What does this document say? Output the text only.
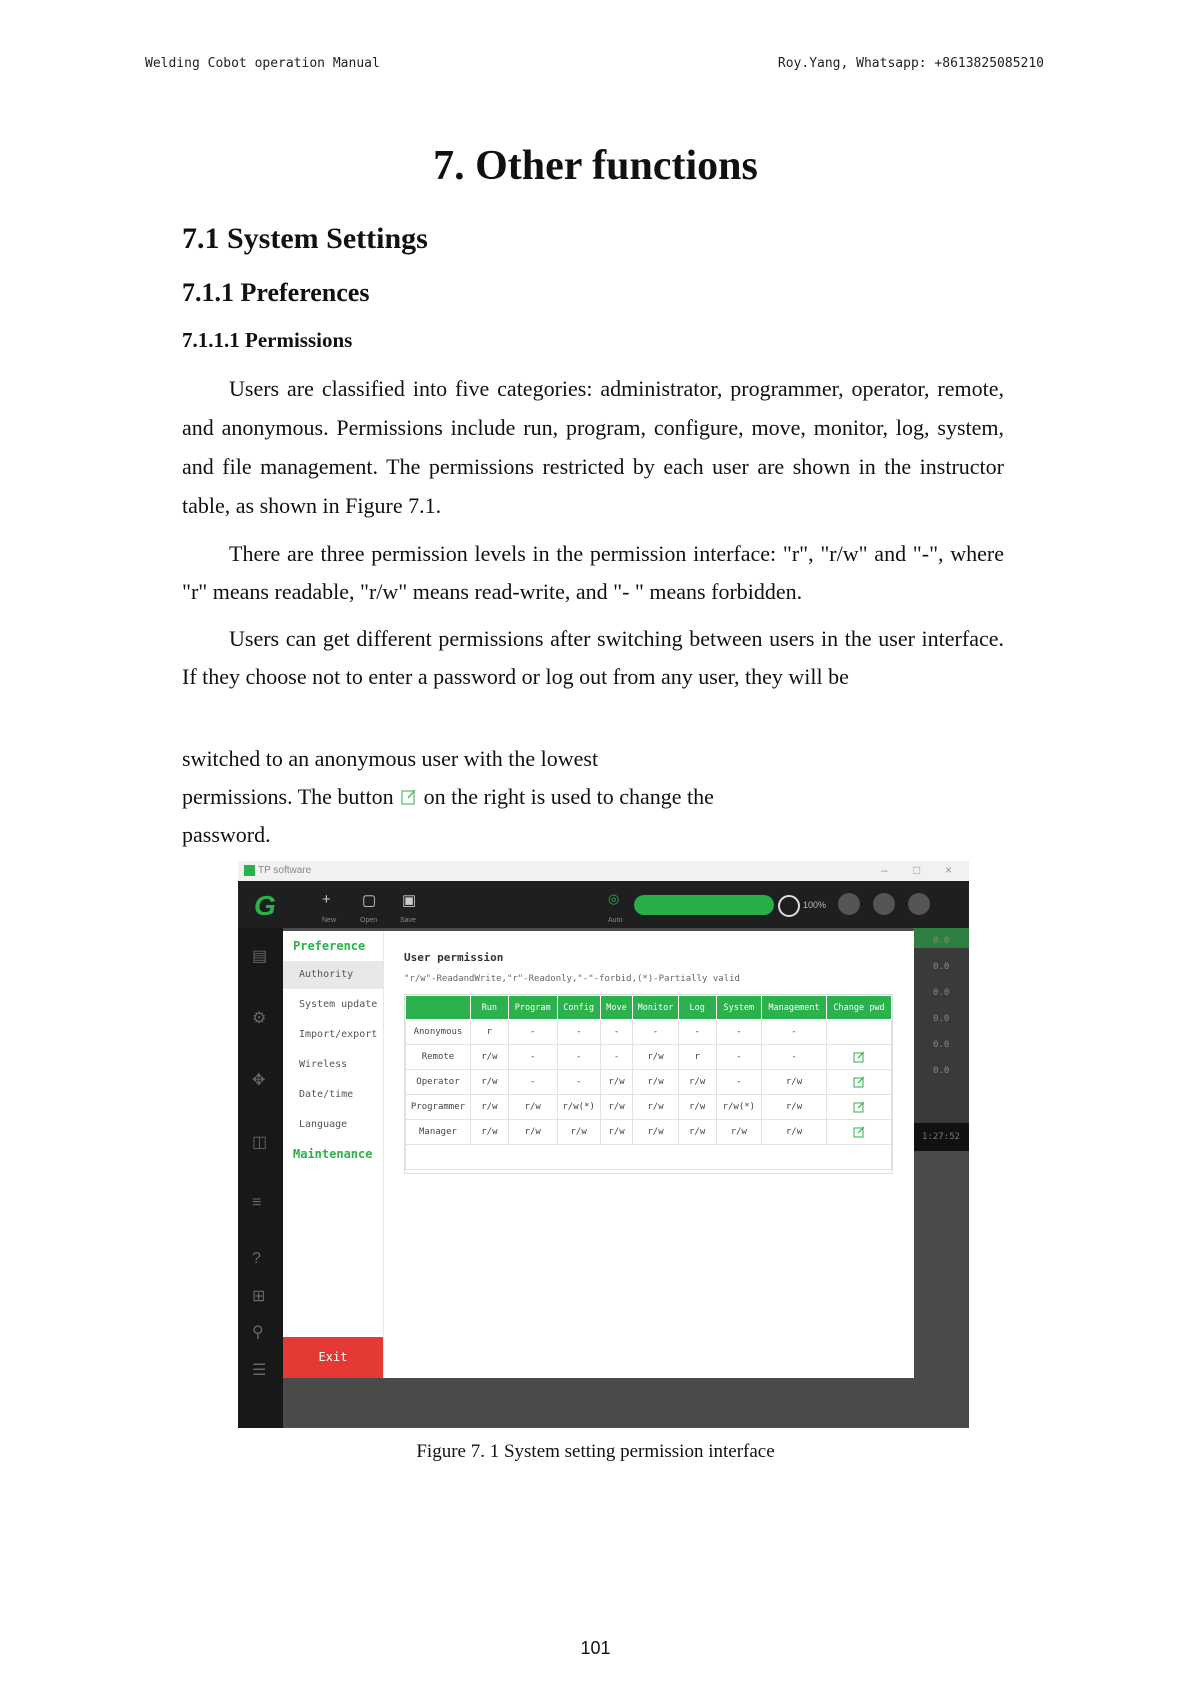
Welding Cobot operation Manual	Roy.Yang, Whatsapp: +8613825085210
7. Other functions
7.1 System Settings
7.1.1 Preferences
7.1.1.1 Permissions
Users are classified into five categories: administrator, programmer, operator, remote, and anonymous. Permissions include run, program, configure, move, monitor, log, system, and file management. The permissions restricted by each user are shown in the instructor table, as shown in Figure 7.1.
There are three permission levels in the permission interface: "r", "r/w" and "-", where "r" means readable, "r/w" means read-write, and "- " means forbidden.
Users can get different permissions after switching between users in the user interface. If they choose not to enter a password or log out from any user, they will be
switched to an anonymous user with the lowest
permissions. The button on the right is used to change the
password.
TP software	– □ ×
G	+
New
▢
Open
▣
Save
◎
Auto
100%
▤
⚙
✥
◫
≡
?
⊞
⚲
☰
0.0
0.0
0.0
0.0
0.0
0.0
1:27:52
Preference
Authority
System update
Import/export
Wireless
Date/time
Language
Maintenance
Exit
User permission
"r/w"-ReadandWrite,"r"-Readonly,"-"-forbid,(*)-Partially valid
	Run	Program	Config	Move	Monitor	Log	System	Management	Change pwd
Anonymous	r	-	-	-	-	-	-	-	
Remote	r/w	-	-	-	r/w	r	-	-	
Operator	r/w	-	-	r/w	r/w	r/w	-	r/w	
Programmer	r/w	r/w	r/w(*)	r/w	r/w	r/w	r/w(*)	r/w	
Manager	r/w	r/w	r/w	r/w	r/w	r/w	r/w	r/w	

Figure 7. 1 System setting permission interface
101
